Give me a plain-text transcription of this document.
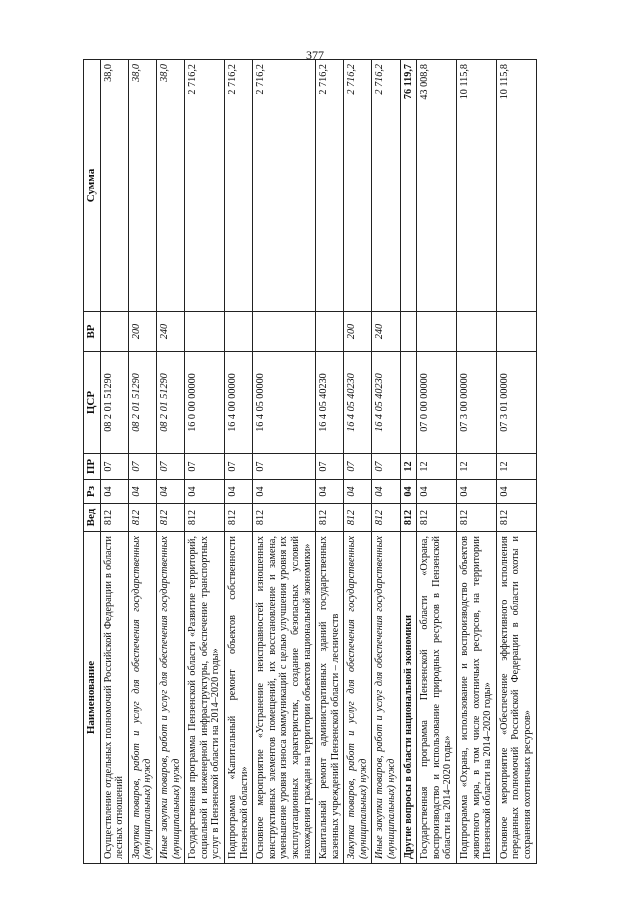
377
Наименование	Вед	Рз	ПР	ЦСР	ВР	Сумма
Осуществление отдельных полномочий Российской Федерации в области лесных отношений	812	04	07	08 2 01 51290		38,0
Закупка товаров, работ и услуг для обеспечения государственных (муниципальных) нужд	812	04	07	08 2 01 51290	200	38,0
Иные закупки товаров, работ и услуг для обеспечения государственных (муниципальных) нужд	812	04	07	08 2 01 51290	240	38,0
Государственная программа Пензенской области «Развитие территорий, социальной и инженерной инфраструктуры, обеспечение транспортных услуг в Пензенской области на 2014–2020 годы»	812	04	07	16 0 00 00000		2 716,2
Подпрограмма «Капитальный ремонт объектов собственности Пензенской области»	812	04	07	16 4 00 00000		2 716,2
Основное мероприятие «Устранение неисправностей изношенных конструктивных элементов помещений, их восстановление и замена, уменьшение уровня износа коммуникаций с целью улучшения уровня их эксплуатационных характеристик, создание безопасных условий нахождения граждан на территории объектов национальной экономики»	812	04	07	16 4 05 00000		2 716,2
Капитальный ремонт административных зданий государственных казенных учреждений Пензенской области – лесничеств	812	04	07	16 4 05 40230		2 716,2
Закупка товаров, работ и услуг для обеспечения государственных (муниципальных) нужд	812	04	07	16 4 05 40230	200	2 716,2
Иные закупки товаров, работ и услуг для обеспечения государственных (муниципальных) нужд	812	04	07	16 4 05 40230	240	2 716,2
Другие вопросы в области национальной экономики	812	04	12			76 119,7
Государственная программа Пензенской области «Охрана, воспроизводство и использование природных ресурсов в Пензенской области на 2014–2020 годы»	812	04	12	07 0 00 00000		43 008,8
Подпрограмма «Охрана, использование и воспроизводство объектов животного мира, в том числе охотничьих ресурсов, на территории Пензенской области на 2014–2020 годы»	812	04	12	07 3 00 00000		10 115,8
Основное мероприятие «Обеспечение эффективного исполнения переданных полномочий Российской Федерации в области охоты и сохранения охотничьих ресурсов»	812	04	12	07 3 01 00000		10 115,8
